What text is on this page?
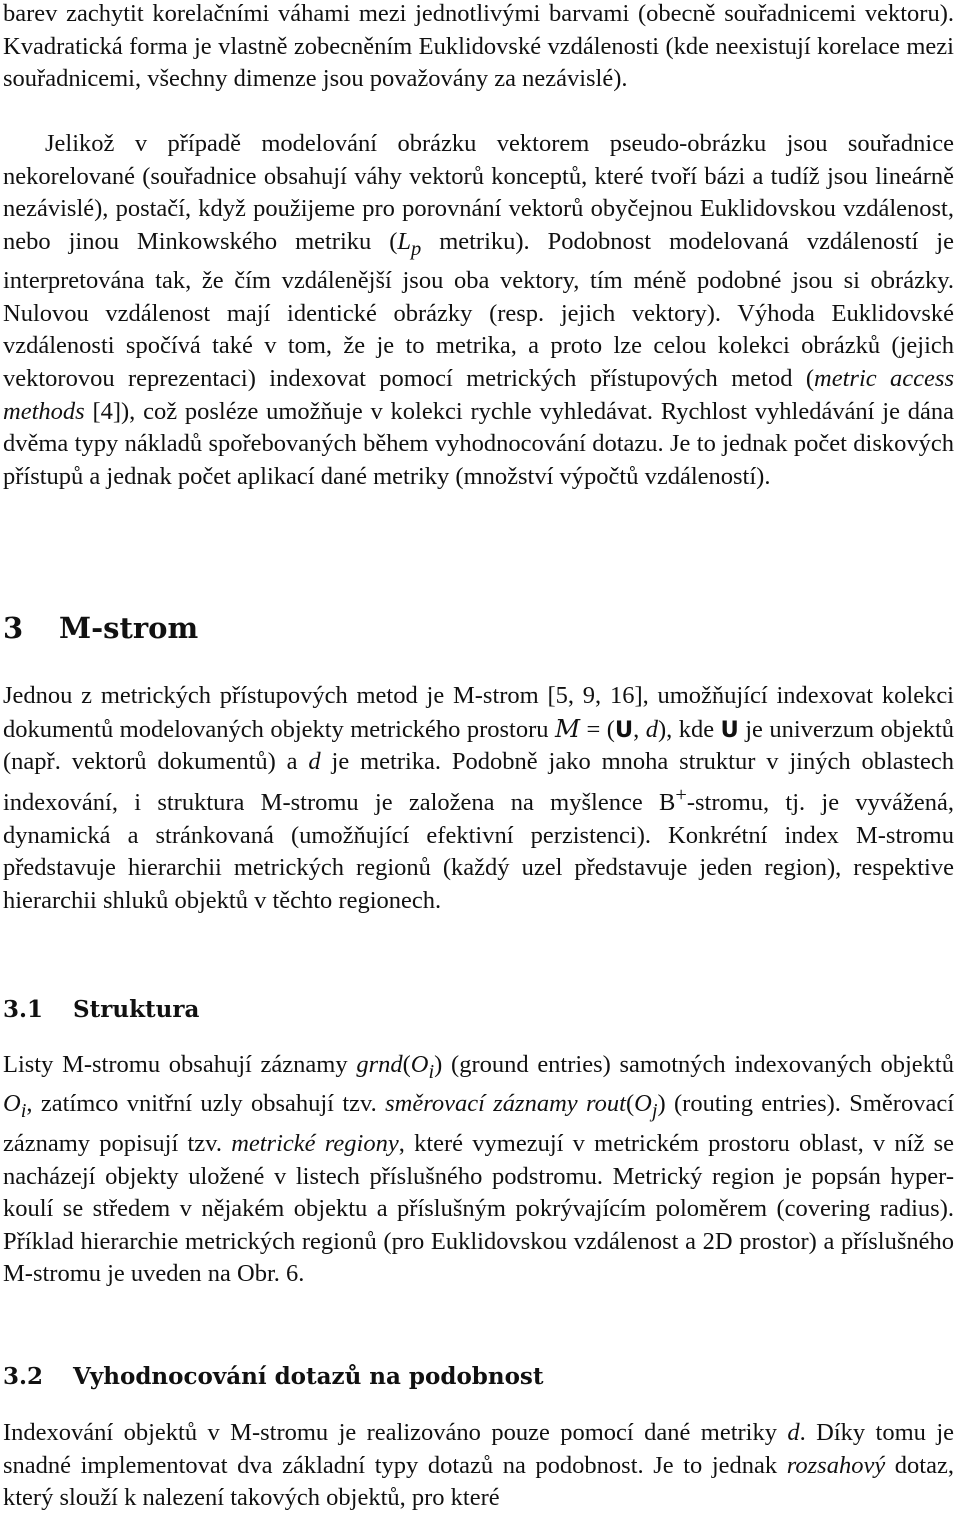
barev zachytit korelačními váhami mezi jednotlivými barvami (obecně souřadnicemi vektoru). Kvadratická forma je vlastně zobecněním Euklidovské vzdálenosti (kde neexistují korelace mezi souřadnicemi, všechny dimenze jsou považovány za nezávislé).

Jelikož v případě modelování obrázku vektorem pseudo-obrázku jsou souřadnice nekorelované (souřadnice obsahují váhy vektorů konceptů, které tvoří bázi a tudíž jsou lineárně nezávislé), postačí, když použijeme pro porovnání vektorů obyčejnou Euklidovskou vzdálenost, nebo jinou Minkowského metriku ($L_p$ metriku). Podobnost modelovaná vzdáleností je interpretována tak, že čím vzdálenější jsou oba vektory, tím méně podobné jsou si obrázky. Nulovou vzdálenost mají identické obrázky (resp. jejich vektory). Výhoda Euklidovské vzdálenosti spočívá také v tom, že je to metrika, a proto lze celou kolekci obrázků (jejich vektorovou reprezentaci) indexovat pomocí metrických přístupových metod (metric access methods [4]), což posléze umožňuje v kolekci rychle vyhledávat. Rychlost vyhledávání je dána dvěma typy nákladů spořebovaných během vyhodnocování dotazu. Je to jednak počet diskových přístupů a jednak počet aplikací dané metriky (množství výpočtů vzdáleností).

3 M-strom

Jednou z metrických přístupových metod je M-strom [5, 9, 16], umožňující indexovat kolekci dokumentů modelovaných objekty metrického prostoru M = (U, d), kde U je univerzum objektů (např. vektorů dokumentů) a d je metrika. Podobně jako mnoha struktur v jiných oblastech indexování, i struktura M-stromu je založena na myšlence B+-stromu, tj. je vyvážená, dynamická a stránkovaná (umožňující efektivní perzistenci). Konkrétní index M-stromu představuje hierarchii metrických regionů (každý uzel představuje jeden region), respektive hierarchii shluků objektů v těchto regionech.

3.1 Struktura

Listy M-stromu obsahují záznamy $grnd(O_i)$ (ground entries) samotných indexovaných objektů $O_i$, zatímco vnitřní uzly obsahují tzv. směrovací záznamy $rout(O_j)$ (routing entries). Směrovací záznamy popisují tzv. metrické regiony, které vymezují v metrickém prostoru oblast, v níž se nacházejí objekty uložené v listech příslušného podstromu. Metrický region je popsán hyper-koulí se středem v nějakém objektu a příslušným pokrývajícím poloměrem (covering radius). Příklad hierarchie metrických regionů (pro Euklidovskou vzdálenost a 2D prostor) a příslušného M-stromu je uveden na Obr. 6.

3.2 Vyhodnocování dotazů na podobnost

Indexování objektů v M-stromu je realizováno pouze pomocí dané metriky d. Díky tomu je snadné implementovat dva základní typy dotazů na podobnost. Je to jednak rozsahový dotaz, který slouží k nalezení takových objektů, pro které
